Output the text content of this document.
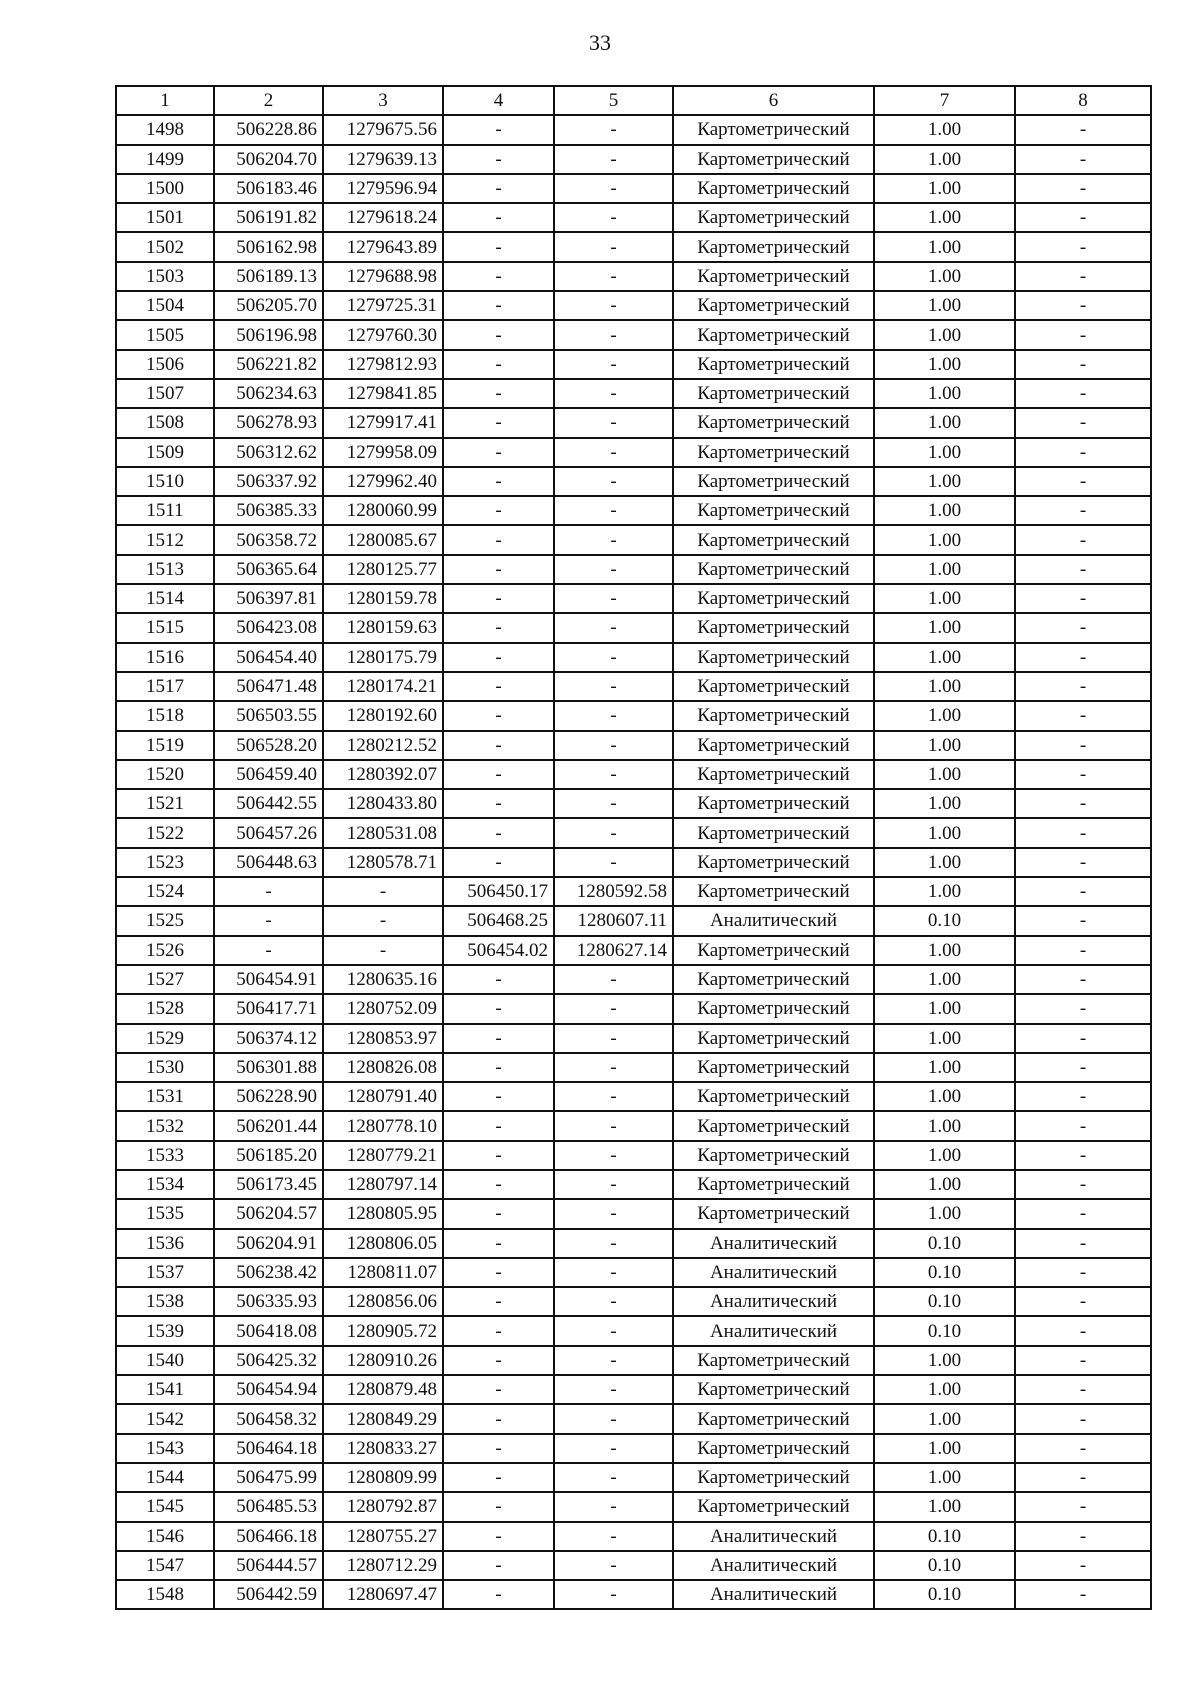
33
1	2	3	4	5	6	7	8
1498	506228.86	1279675.56	-	-	Картометрический	1.00	-
1499	506204.70	1279639.13	-	-	Картометрический	1.00	-
1500	506183.46	1279596.94	-	-	Картометрический	1.00	-
1501	506191.82	1279618.24	-	-	Картометрический	1.00	-
1502	506162.98	1279643.89	-	-	Картометрический	1.00	-
1503	506189.13	1279688.98	-	-	Картометрический	1.00	-
1504	506205.70	1279725.31	-	-	Картометрический	1.00	-
1505	506196.98	1279760.30	-	-	Картометрический	1.00	-
1506	506221.82	1279812.93	-	-	Картометрический	1.00	-
1507	506234.63	1279841.85	-	-	Картометрический	1.00	-
1508	506278.93	1279917.41	-	-	Картометрический	1.00	-
1509	506312.62	1279958.09	-	-	Картометрический	1.00	-
1510	506337.92	1279962.40	-	-	Картометрический	1.00	-
1511	506385.33	1280060.99	-	-	Картометрический	1.00	-
1512	506358.72	1280085.67	-	-	Картометрический	1.00	-
1513	506365.64	1280125.77	-	-	Картометрический	1.00	-
1514	506397.81	1280159.78	-	-	Картометрический	1.00	-
1515	506423.08	1280159.63	-	-	Картометрический	1.00	-
1516	506454.40	1280175.79	-	-	Картометрический	1.00	-
1517	506471.48	1280174.21	-	-	Картометрический	1.00	-
1518	506503.55	1280192.60	-	-	Картометрический	1.00	-
1519	506528.20	1280212.52	-	-	Картометрический	1.00	-
1520	506459.40	1280392.07	-	-	Картометрический	1.00	-
1521	506442.55	1280433.80	-	-	Картометрический	1.00	-
1522	506457.26	1280531.08	-	-	Картометрический	1.00	-
1523	506448.63	1280578.71	-	-	Картометрический	1.00	-
1524	-	-	506450.17	1280592.58	Картометрический	1.00	-
1525	-	-	506468.25	1280607.11	Аналитический	0.10	-
1526	-	-	506454.02	1280627.14	Картометрический	1.00	-
1527	506454.91	1280635.16	-	-	Картометрический	1.00	-
1528	506417.71	1280752.09	-	-	Картометрический	1.00	-
1529	506374.12	1280853.97	-	-	Картометрический	1.00	-
1530	506301.88	1280826.08	-	-	Картометрический	1.00	-
1531	506228.90	1280791.40	-	-	Картометрический	1.00	-
1532	506201.44	1280778.10	-	-	Картометрический	1.00	-
1533	506185.20	1280779.21	-	-	Картометрический	1.00	-
1534	506173.45	1280797.14	-	-	Картометрический	1.00	-
1535	506204.57	1280805.95	-	-	Картометрический	1.00	-
1536	506204.91	1280806.05	-	-	Аналитический	0.10	-
1537	506238.42	1280811.07	-	-	Аналитический	0.10	-
1538	506335.93	1280856.06	-	-	Аналитический	0.10	-
1539	506418.08	1280905.72	-	-	Аналитический	0.10	-
1540	506425.32	1280910.26	-	-	Картометрический	1.00	-
1541	506454.94	1280879.48	-	-	Картометрический	1.00	-
1542	506458.32	1280849.29	-	-	Картометрический	1.00	-
1543	506464.18	1280833.27	-	-	Картометрический	1.00	-
1544	506475.99	1280809.99	-	-	Картометрический	1.00	-
1545	506485.53	1280792.87	-	-	Картометрический	1.00	-
1546	506466.18	1280755.27	-	-	Аналитический	0.10	-
1547	506444.57	1280712.29	-	-	Аналитический	0.10	-
1548	506442.59	1280697.47	-	-	Аналитический	0.10	-
